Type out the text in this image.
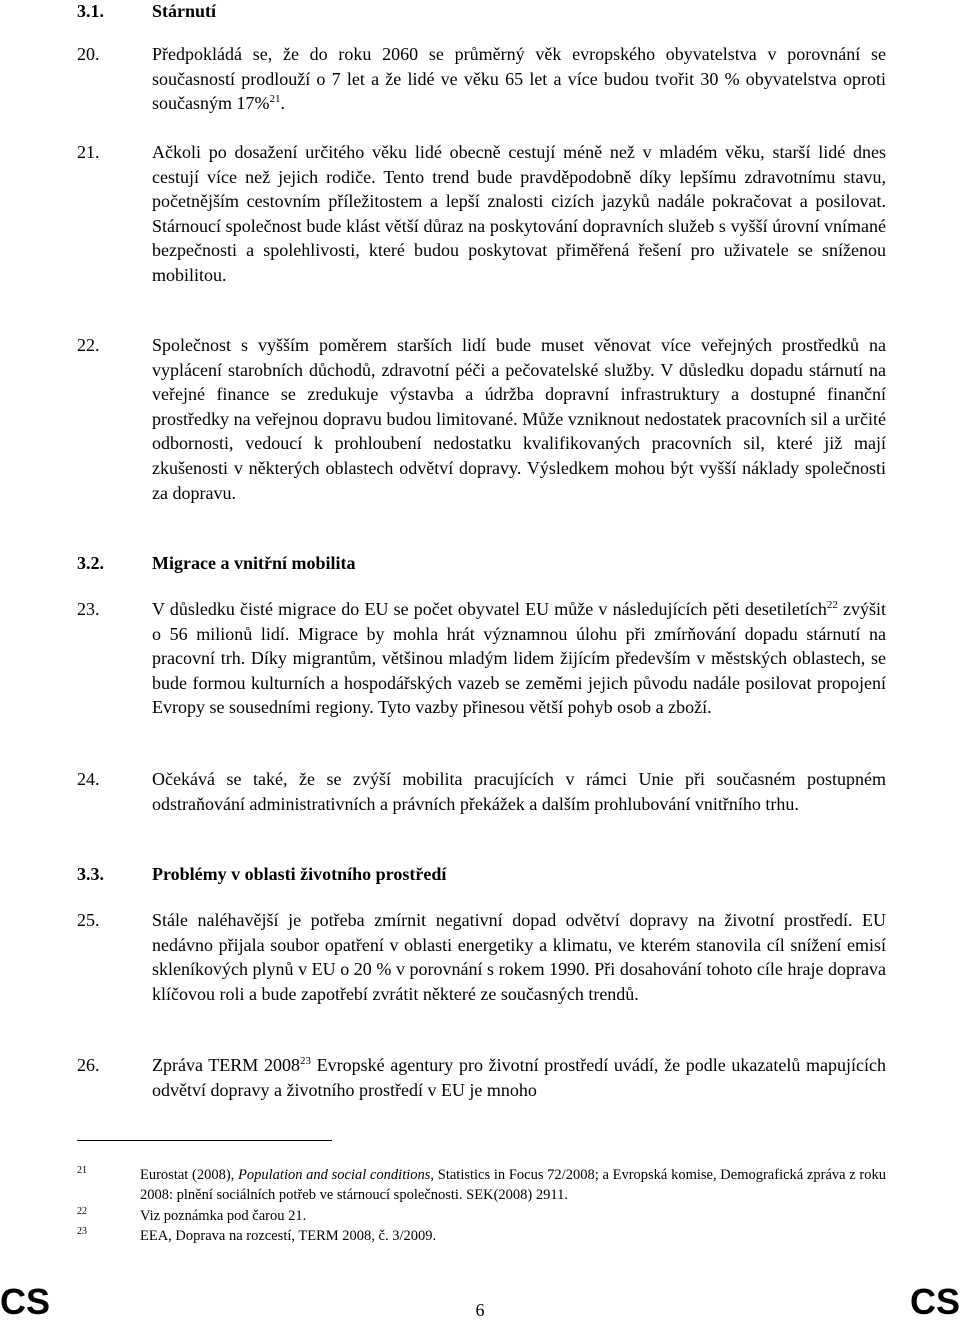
3.1.	Stárnutí
20.	Předpokládá se, že do roku 2060 se průměrný věk evropského obyvatelstva v porovnání se současností prodlouží o 7 let a že lidé ve věku 65 let a více budou tvořit 30 % obyvatelstva oproti současným 17%$^{21}$.
21.	Ačkoli po dosažení určitého věku lidé obecně cestují méně než v mladém věku, starší lidé dnes cestují více než jejich rodiče. Tento trend bude pravděpodobně díky lepšímu zdravotnímu stavu, početnějším cestovním příležitostem a lepší znalosti cizích jazyků nadále pokračovat a posilovat. Stárnoucí společnost bude klást větší důraz na poskytování dopravních služeb s vyšší úrovní vnímané bezpečnosti a spolehlivosti, které budou poskytovat přiměřená řešení pro uživatele se sníženou mobilitou.
22.	Společnost s vyšším poměrem starších lidí bude muset věnovat více veřejných prostředků na vyplácení starobních důchodů, zdravotní péči a pečovatelské služby. V důsledku dopadu stárnutí na veřejné finance se zredukuje výstavba a údržba dopravní infrastruktury a dostupné finanční prostředky na veřejnou dopravu budou limitované. Může vzniknout nedostatek pracovních sil a určité odbornosti, vedoucí k prohloubení nedostatku kvalifikovaných pracovních sil, které již mají zkušenosti v některých oblastech odvětví dopravy. Výsledkem mohou být vyšší náklady společnosti za dopravu.
3.2.	Migrace a vnitřní mobilita
23.	V důsledku čisté migrace do EU se počet obyvatel EU může v následujících pěti desetiletích$^{22}$ zvýšit o 56 milionů lidí. Migrace by mohla hrát významnou úlohu při zmírňování dopadu stárnutí na pracovní trh. Díky migrantům, většinou mladým lidem žijícím především v městských oblastech, se bude formou kulturních a hospodářských vazeb se zeměmi jejich původu nadále posilovat propojení Evropy se sousedními regiony. Tyto vazby přinesou větší pohyb osob a zboží.
24.	Očekává se také, že se zvýší mobilita pracujících v rámci Unie při současném postupném odstraňování administrativních a právních překážek a dalším prohlubování vnitřního trhu.
3.3.	Problémy v oblasti životního prostředí
25.	Stále naléhavější je potřeba zmírnit negativní dopad odvětví dopravy na životní prostředí. EU nedávno přijala soubor opatření v oblasti energetiky a klimatu, ve kterém stanovila cíl snížení emisí skleníkových plynů v EU o 20 % v porovnání s rokem 1990. Při dosahování tohoto cíle hraje doprava klíčovou roli a bude zapotřebí zvrátit některé ze současných trendů.
26.	Zpráva TERM 2008$^{23}$ Evropské agentury pro životní prostředí uvádí, že podle ukazatelů mapujících odvětví dopravy a životního prostředí v EU je mnoho
21	Eurostat (2008), Population and social conditions, Statistics in Focus 72/2008; a Evropská komise, Demografická zpráva z roku 2008: plnění sociálních potřeb ve stárnoucí společnosti. SEK(2008) 2911.
22	Viz poznámka pod čarou 21.
23	EEA, Doprava na rozcestí, TERM 2008, č. 3/2009.
CS	6	CS
